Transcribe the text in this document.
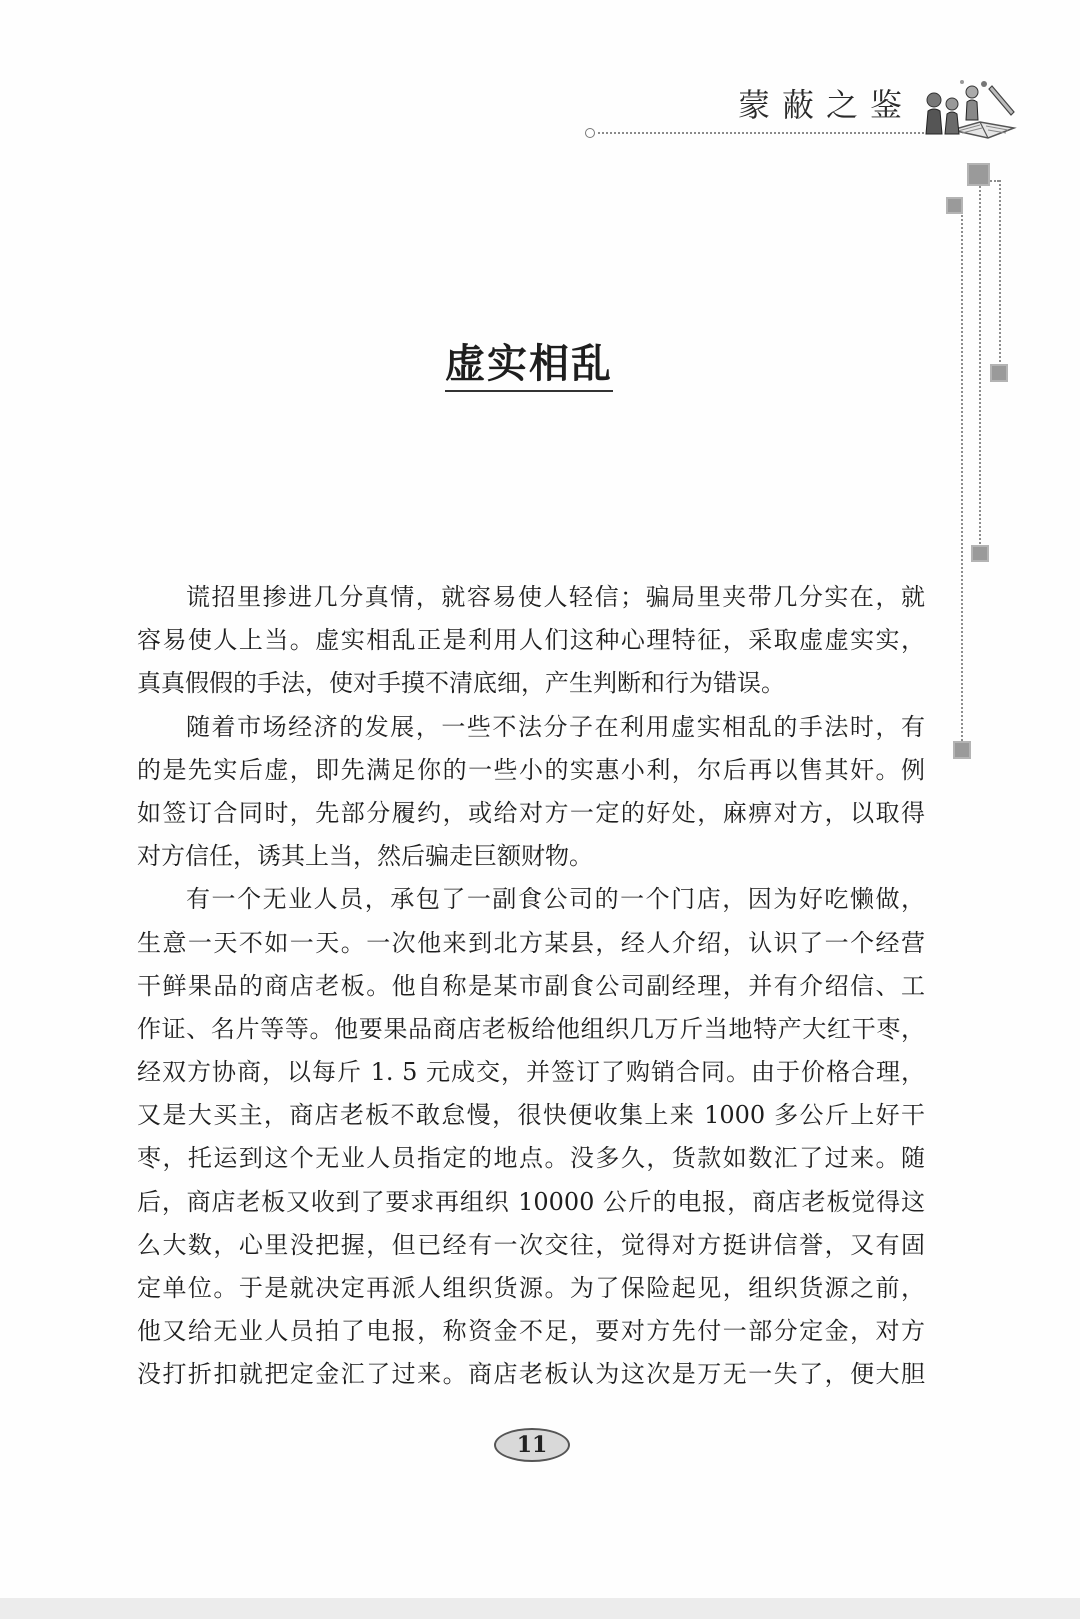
蒙蔽之鉴
虚实相乱
谎招里掺进几分真情，就容易使人轻信；骗局里夹带几分实在，就
容易使人上当。虚实相乱正是利用人们这种心理特征，采取虚虚实实，
真真假假的手法，使对手摸不清底细，产生判断和行为错误。
随着市场经济的发展，一些不法分子在利用虚实相乱的手法时，有
的是先实后虚，即先满足你的一些小的实惠小利，尔后再以售其奸。例
如签订合同时，先部分履约，或给对方一定的好处，麻痹对方，以取得
对方信任，诱其上当，然后骗走巨额财物。
有一个无业人员，承包了一副食公司的一个门店，因为好吃懒做，
生意一天不如一天。一次他来到北方某县，经人介绍，认识了一个经营
干鲜果品的商店老板。他自称是某市副食公司副经理，并有介绍信、工
作证、名片等等。他要果品商店老板给他组织几万斤当地特产大红干枣，
经双方协商，以每斤 1. 5 元成交，并签订了购销合同。由于价格合理，
又是大买主，商店老板不敢怠慢，很快便收集上来 1000 多公斤上好干
枣，托运到这个无业人员指定的地点。没多久，货款如数汇了过来。随
后，商店老板又收到了要求再组织 10000 公斤的电报，商店老板觉得这
么大数，心里没把握，但已经有一次交往，觉得对方挺讲信誉，又有固
定单位。于是就决定再派人组织货源。为了保险起见，组织货源之前，
他又给无业人员拍了电报，称资金不足，要对方先付一部分定金，对方
没打折扣就把定金汇了过来。商店老板认为这次是万无一失了，便大胆
11
